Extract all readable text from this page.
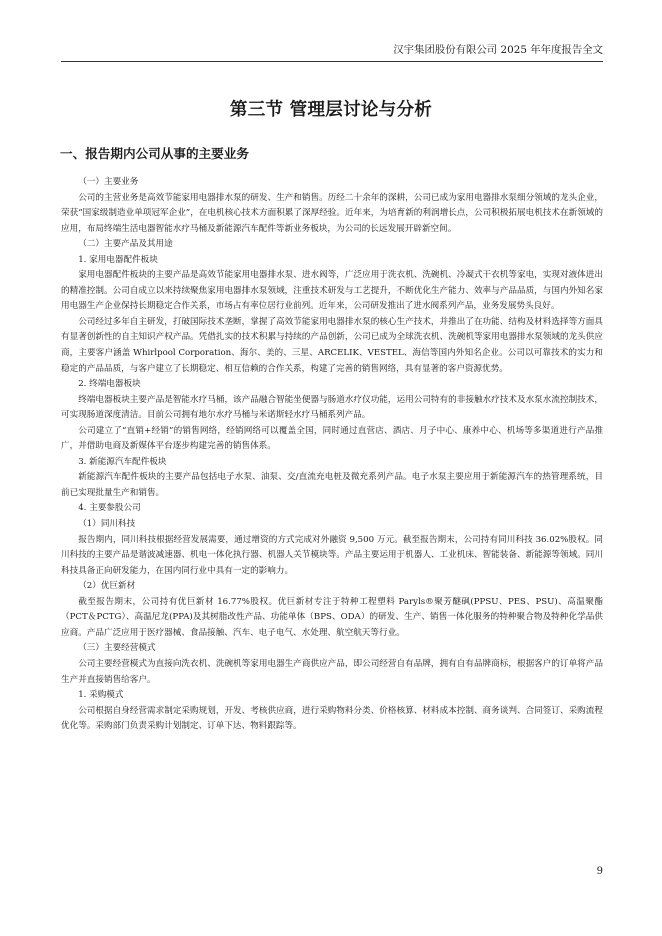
汉宇集团股份有限公司 2025 年年度报告全文
第三节 管理层讨论与分析
一、报告期内公司从事的主要业务

（一）主要业务

公司的主营业务是高效节能家用电器排水泵的研发、生产和销售。历经二十余年的深耕，公司已成为家用电器排水泵细分领域的龙头企业，荣获“国家级制造业单项冠军企业”，在电机核心技术方面积累了深厚经验。近年来，为培育新的利润增长点，公司积极拓展电机技术在新领域的应用，布局终端生活电器智能水疗马桶及新能源汽车配件等新业务板块，为公司的长远发展开辟新空间。

（二）主要产品及其用途

1. 家用电器配件板块

家用电器配件板块的主要产品是高效节能家用电器排水泵、进水阀等，广泛应用于洗衣机、洗碗机、冷凝式干衣机等家电，实现对液体进出的精准控制。公司自成立以来持续聚焦家用电器排水泵领域，注重技术研发与工艺提升，不断优化生产能力、效率与产品品质，与国内外知名家用电器生产企业保持长期稳定合作关系，市场占有率位居行业前列。近年来，公司研发推出了进水阀系列产品，业务发展势头良好。

公司经过多年自主研发，打破国际技术垄断，掌握了高效节能家用电器排水泵的核心生产技术，并推出了在功能、结构及材料选择等方面具有显著创新性的自主知识产权产品。凭借扎实的技术积累与持续的产品创新，公司已成为全球洗衣机、洗碗机等家用电器排水泵领域的龙头供应商，主要客户涵盖 Whirlpool Corporation、海尔、美的、三星、ARCELIK、VESTEL、海信等国内外知名企业。公司以可靠技术的实力和稳定的产品品质，与客户建立了长期稳定、相互信赖的合作关系，构建了完善的销售网络，具有显著的客户资源优势。

2. 终端电器板块

终端电器板块主要产品是智能水疗马桶，该产品融合智能坐便器与肠道水疗仪功能，运用公司特有的非接触水疗技术及水泵水流控制技术，可实现肠道深度清洁。目前公司拥有地尔水疗马桶与米诺斯轻水疗马桶系列产品。

公司建立了“直销+经销”的销售网络，经销网络可以覆盖全国，同时通过直营店、酒店、月子中心、康养中心、机场等多渠道进行产品推广，并借助电商及新媒体平台逐步构建完善的销售体系。

3. 新能源汽车配件板块

新能源汽车配件板块的主要产品包括电子水泵、油泵、交/直流充电桩及微充系列产品。电子水泵主要应用于新能源汽车的热管理系统，目前已实现批量生产和销售。

4. 主要参股公司

（1）同川科技

报告期内，同川科技根据经营发展需要，通过增资的方式完成对外融资 9,500 万元。截至报告期末，公司持有同川科技 36.02%股权。同川科技的主要产品是谐波减速器、机电一体化执行器、机器人关节模块等。产品主要运用于机器人、工业机床、智能装备、新能源等领域。同川科技具备正向研发能力，在国内同行业中具有一定的影响力。

（2）优巨新材

截至报告期末，公司持有优巨新材 16.77%股权。优巨新材专注于特种工程塑料 Paryls®聚芳醚砜(PPSU、PES、PSU)、高温聚酯（PCT＆PCTG）、高温尼龙(PPA)及其树脂改性产品、功能单体（BPS、ODA）的研发、生产、销售一体化服务的特种聚合物及特种化学品供应商。产品广泛应用于医疗器械、食品接触、汽车、电子电气、水处理、航空航天等行业。

（三）主要经营模式

公司主要经营模式为直接向洗衣机、洗碗机等家用电器生产商供应产品，即公司经营自有品牌，拥有自有品牌商标，根据客户的订单将产品生产并直接销售给客户。

1. 采购模式

公司根据自身经营需求制定采购规划，开发、考核供应商，进行采购物料分类、价格核算、材料成本控制、商务谈判、合同签订、采购流程优化等。采购部门负责采购计划制定、订单下达、物料跟踪等。

9
